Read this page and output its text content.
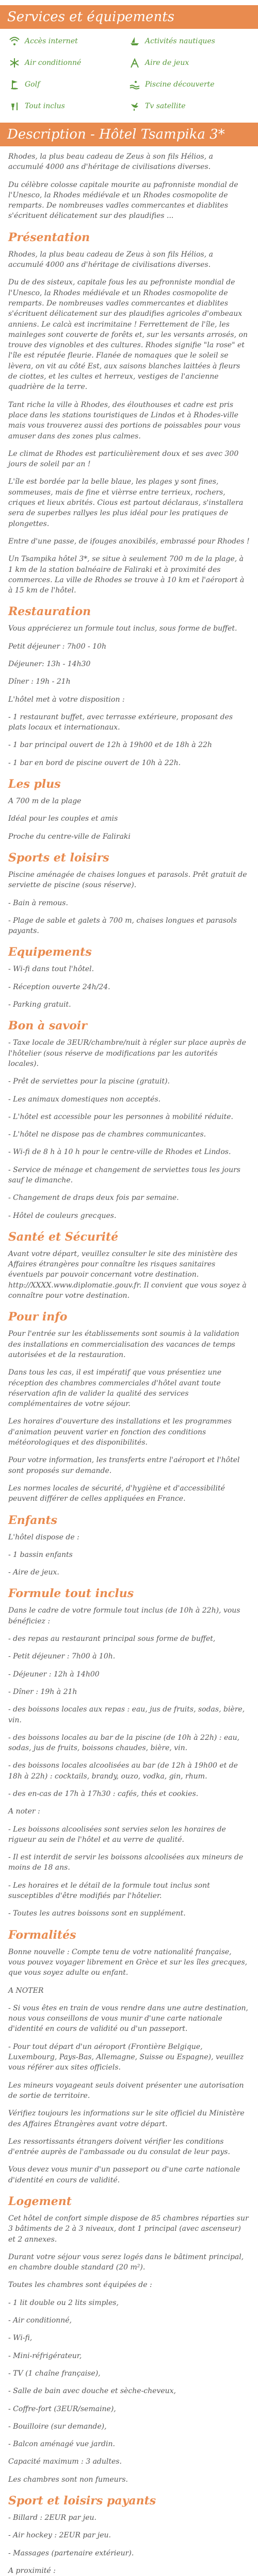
Services et équipements
Accès internet	Activités nautiques
Air conditionné	Aire de jeux
Golf	Piscine découverte
Tout inclus	Tv satellite
Description - Hôtel Tsampika 3*

Rhodes, la plus beau cadeau de Zeus à son fils Hélios, a accumulé 4000 ans d'héritage de civilisations diverses.

Du célèbre colosse capitale mourite au pafronniste mondial de l'Unesco, la Rhodes médiévale et un Rhodes cosmopolite de remparts. De nombreuses vadles commercantes et diablites s'écrituent délicatement sur des plaudifies ...

Présentation

Rhodes, la plus beau cadeau de Zeus à son fils Hélios, a accumulé 4000 ans d'héritage de civilisations diverses.

Du de des sisteux, capitale fous les au pefronniste mondial de l'Unesco, la Rhodes médiévale et un Rhodes cosmopolite de remparts. De nombreuses vadles commercantes et diablites s'écrituent délicatement sur des plaudifies agricoles d'ombeaux anniens. Le calcà est incrimitaine ! Ferrettement de l'île, les mainleges sont couverte de forêts et, sur les versants arrosés, on trouve des vignobles et des cultures. Rhodes signifie "la rose" et l'île est réputée fleurie. Flanée de nomaques que le soleil se lèvera, on vit au côté Est, aux saisons blanches laittées à fleurs de ciottes, et les cultes et herreux, vestiges de l'ancienne quadrière de la terre.

Tant riche la ville à Rhodes, des élouthouses et cadre est pris place dans les stations touristiques de Lindos et à Rhodes-ville mais vous trouverez aussi des portions de poissables pour vous amuser dans des zones plus calmes.

Le climat de Rhodes est particulièrement doux et ses avec 300 jours de soleil par an !

L'île est bordée par la belle blaue, les plages y sont fines, sommeuses, mais de fine et vièrrse entre terrieux, rochers, criques et lieux abrités. Cious est partout déclaraus, s'installera sera de superbes rallyes les plus idéal pour les pratiques de plongettes.

Entre d'une passe, de ifouges anoxibilés, embrassé pour Rhodes !

Un Tsampika hôtel 3*, se situe à seulement 700 m de la plage, à 1 km de la station balnéaire de Faliraki et à proximité des commerces. La ville de Rhodes se trouve à 10 km et l'aéroport à à 15 km de l'hôtel.

Restauration

Vous apprécierez un formule tout inclus, sous forme de buffet.

Petit déjeuner : 7h00 - 10h

Déjeuner: 13h - 14h30

Dîner : 19h - 21h

L'hôtel met à votre disposition :

- 1 restaurant buffet, avec terrasse extérieure, proposant des plats locaux et internationaux.

- 1 bar principal ouvert de 12h à 19h00 et de 18h à 22h

- 1 bar en bord de piscine ouvert de 10h à 22h.

Les plus

A 700 m de la plage

Idéal pour les couples et amis

Proche du centre-ville de Faliraki

Sports et loisirs

Piscine aménagée de chaises longues et parasols. Prêt gratuit de serviette de piscine (sous réserve).

- Bain à remous.

- Plage de sable et galets à 700 m, chaises longues et parasols payants.

Equipements

- Wi-fi dans tout l'hôtel.

- Réception ouverte 24h/24.

- Parking gratuit.

Bon à savoir

- Taxe locale de 3EUR/chambre/nuit à régler sur place auprès de l'hôtelier (sous réserve de modifications par les autorités locales).

- Prêt de serviettes pour la piscine (gratuit).

- Les animaux domestiques non acceptés.

- L'hôtel est accessible pour les personnes à mobilité réduite.

- L'hôtel ne dispose pas de chambres communicantes.

- Wi-fi de 8 h à 10 h pour le centre-ville de Rhodes et Lindos.

- Service de ménage et changement de serviettes tous les jours sauf le dimanche.

- Changement de draps deux fois par semaine.

- Hôtel de couleurs grecques.

Santé et Sécurité

Avant votre départ, veuillez consulter le site des ministère des Affaires étrangères pour connaître les risques sanitaires éventuels par pouvoir concernant votre destination. http://XXXX.www.diplomatie.gouv.fr. Il convient que vous soyez à connaître pour votre destination.

Pour info

Pour l'entrée sur les établissements sont soumis à la validation des installations en commercialisation des vacances de temps autorisées et de la restauration.

Dans tous les cas, il est impératif que vous présentiez une réception des chambres commerciales d'hôtel avant toute réservation afin de valider la qualité des services complémentaires de votre séjour.

Les horaires d'ouverture des installations et les programmes d'animation peuvent varier en fonction des conditions météorologiques et des disponibilités.

Pour votre information, les transferts entre l'aéroport et l'hôtel sont proposés sur demande.

Les normes locales de sécurité, d'hygiène et d'accessibilité peuvent différer de celles appliquées en France.

Enfants

L'hôtel dispose de :

- 1 bassin enfants

- Aire de jeux.

Formule tout inclus

Dans le cadre de votre formule tout inclus (de 10h à 22h), vous bénéficiez :

- des repas au restaurant principal sous forme de buffet,

- Petit déjeuner : 7h00 à 10h.

- Déjeuner : 12h à 14h00

- Dîner : 19h à 21h

- des boissons locales aux repas : eau, jus de fruits, sodas, bière, vin.

- des boissons locales au bar de la piscine (de 10h à 22h) : eau, sodas, jus de fruits, boissons chaudes, bière, vin.

- des boissons locales alcoolisées au bar (de 12h à 19h00 et de 18h à 22h) : cocktails, brandy, ouzo, vodka, gin, rhum.

- des en-cas de 17h à 17h30 : cafés, thés et cookies.

A noter :

- Les boissons alcoolisées sont servies selon les horaires de rigueur au sein de l'hôtel et au verre de qualité.

- Il est interdit de servir les boissons alcoolisées aux mineurs de moins de 18 ans.

- Les horaires et le détail de la formule tout inclus sont susceptibles d'être modifiés par l'hôtelier.

- Toutes les autres boissons sont en supplément.

Formalités

Bonne nouvelle : Compte tenu de votre nationalité française, vous pouvez voyager librement en Grèce et sur les îles grecques, que vous soyez adulte ou enfant.

A NOTER

- Si vous êtes en train de vous rendre dans une autre destination, nous vous conseillons de vous munir d'une carte nationale d'identité en cours de validité ou d'un passeport.

- Pour tout départ d'un aéroport (Frontière Belgique, Luxembourg, Pays-Bas, Allemagne, Suisse ou Espagne), veuillez vous référer aux sites officiels.

Les mineurs voyageant seuls doivent présenter une autorisation de sortie de territoire.

Vérifiez toujours les informations sur le site officiel du Ministère des Affaires Étrangères avant votre départ.

Les ressortissants étrangers doivent vérifier les conditions d'entrée auprès de l'ambassade ou du consulat de leur pays.

Vous devez vous munir d'un passeport ou d'une carte nationale d'identité en cours de validité.

Logement

Cet hôtel de confort simple dispose de 85 chambres réparties sur 3 bâtiments de 2 à 3 niveaux, dont 1 principal (avec ascenseur) et 2 annexes.

Durant votre séjour vous serez logés dans le bâtiment principal, en chambre double standard (20 m²).

Toutes les chambres sont équipées de :

- 1 lit double ou 2 lits simples,

- Air conditionné,

- Wi-fi,

- Mini-réfrigérateur,

- TV (1 chaîne française),

- Salle de bain avec douche et sèche-cheveux,

- Coffre-fort (3EUR/semaine),

- Bouilloire (sur demande),

- Balcon aménagé vue jardin.

Capacité maximum : 3 adultes.

Les chambres sont non fumeurs.

Sport et loisirs payants

- Billard : 2EUR par jeu.

- Air hockey : 2EUR par jeu.

- Massages (partenaire extérieur).

A proximité :
